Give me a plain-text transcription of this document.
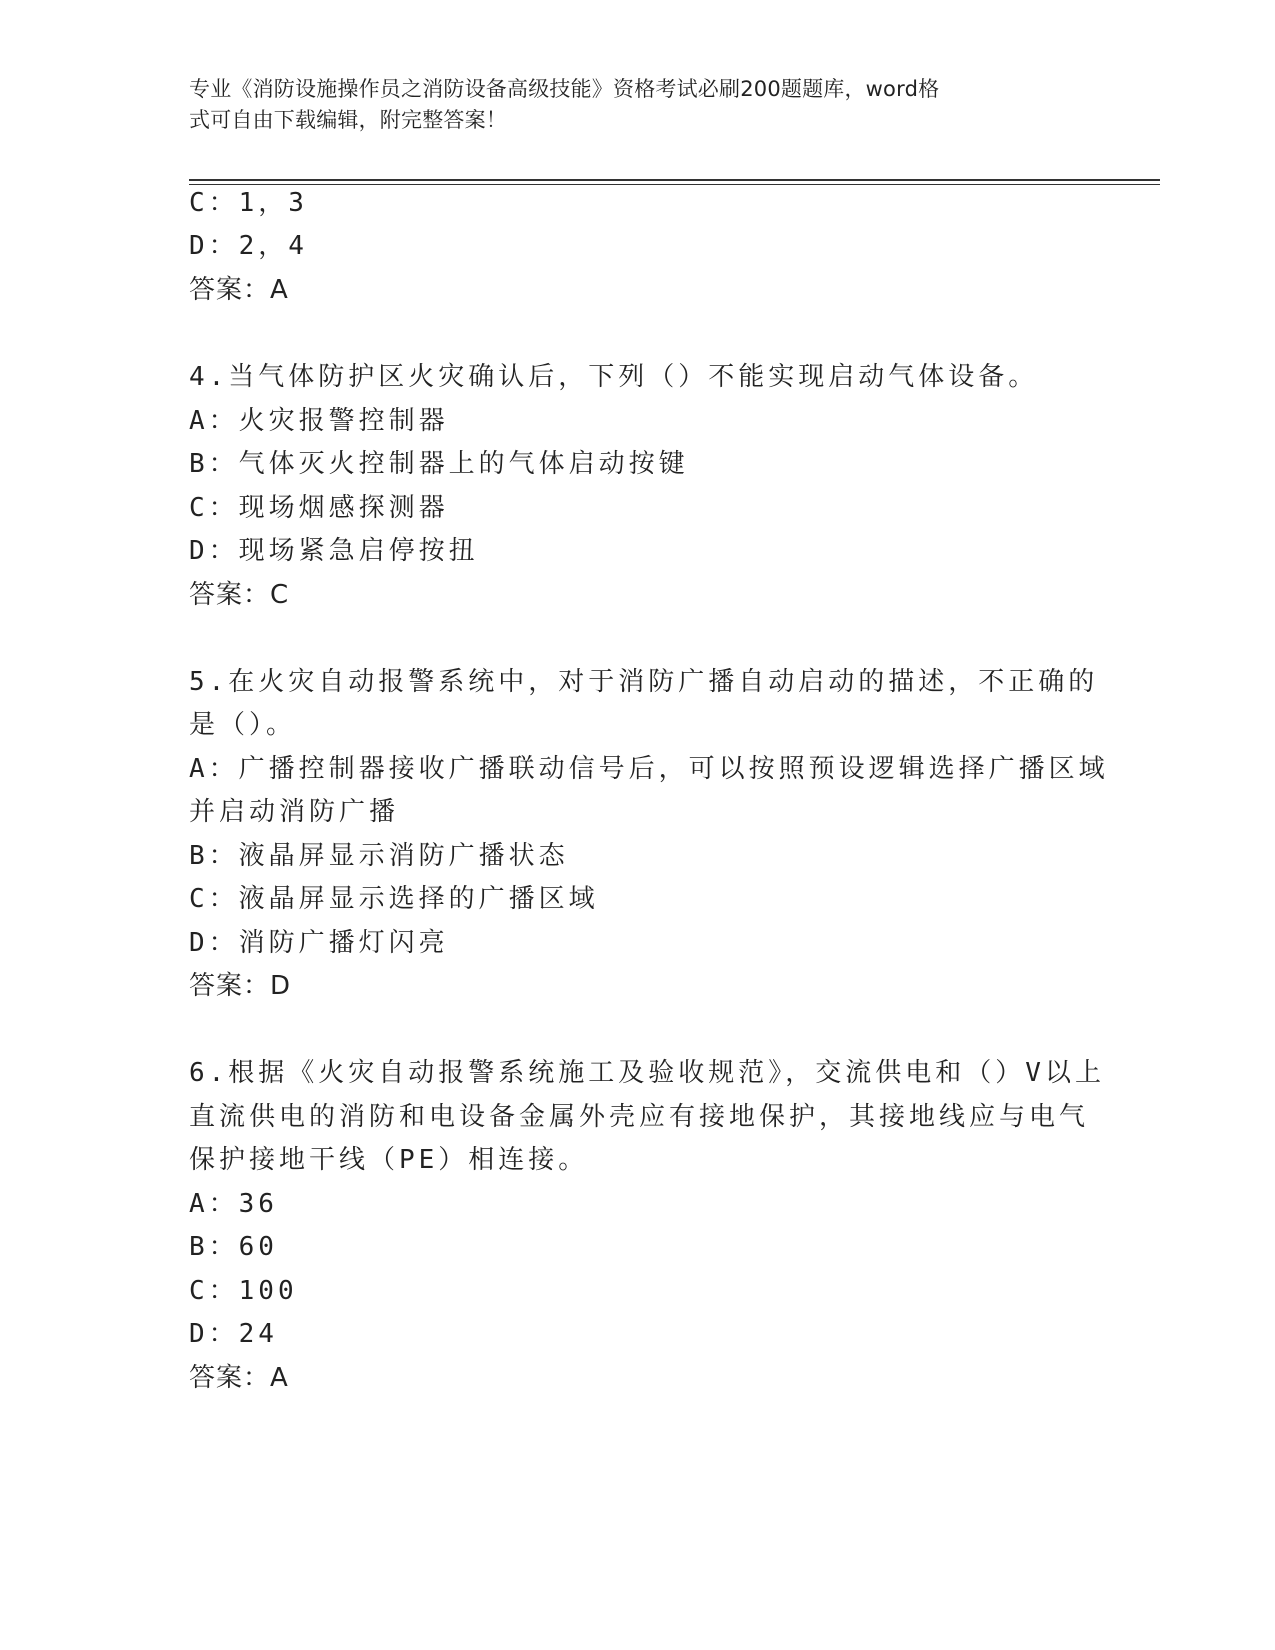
专业《消防设施操作员之消防设备高级技能》资格考试必刷200题题库，word格
式可自由下载编辑，附完整答案！
C：1，3
D：2，4
答案：A
4.当气体防护区火灾确认后，下列（）不能实现启动气体设备。
A：火灾报警控制器
B：气体灭火控制器上的气体启动按键
C：现场烟感探测器
D：现场紧急启停按扭
答案：C
5.在火灾自动报警系统中，对于消防广播自动启动的描述，不正确的
是（）。
A：广播控制器接收广播联动信号后，可以按照预设逻辑选择广播区域
并启动消防广播
B：液晶屏显示消防广播状态
C：液晶屏显示选择的广播区域
D：消防广播灯闪亮
答案：D
6.根据《火灾自动报警系统施工及验收规范》，交流供电和（）V以上
直流供电的消防和电设备金属外壳应有接地保护，其接地线应与电气
保护接地干线（PE）相连接。
A：36
B：60
C：100
D：24
答案：A
